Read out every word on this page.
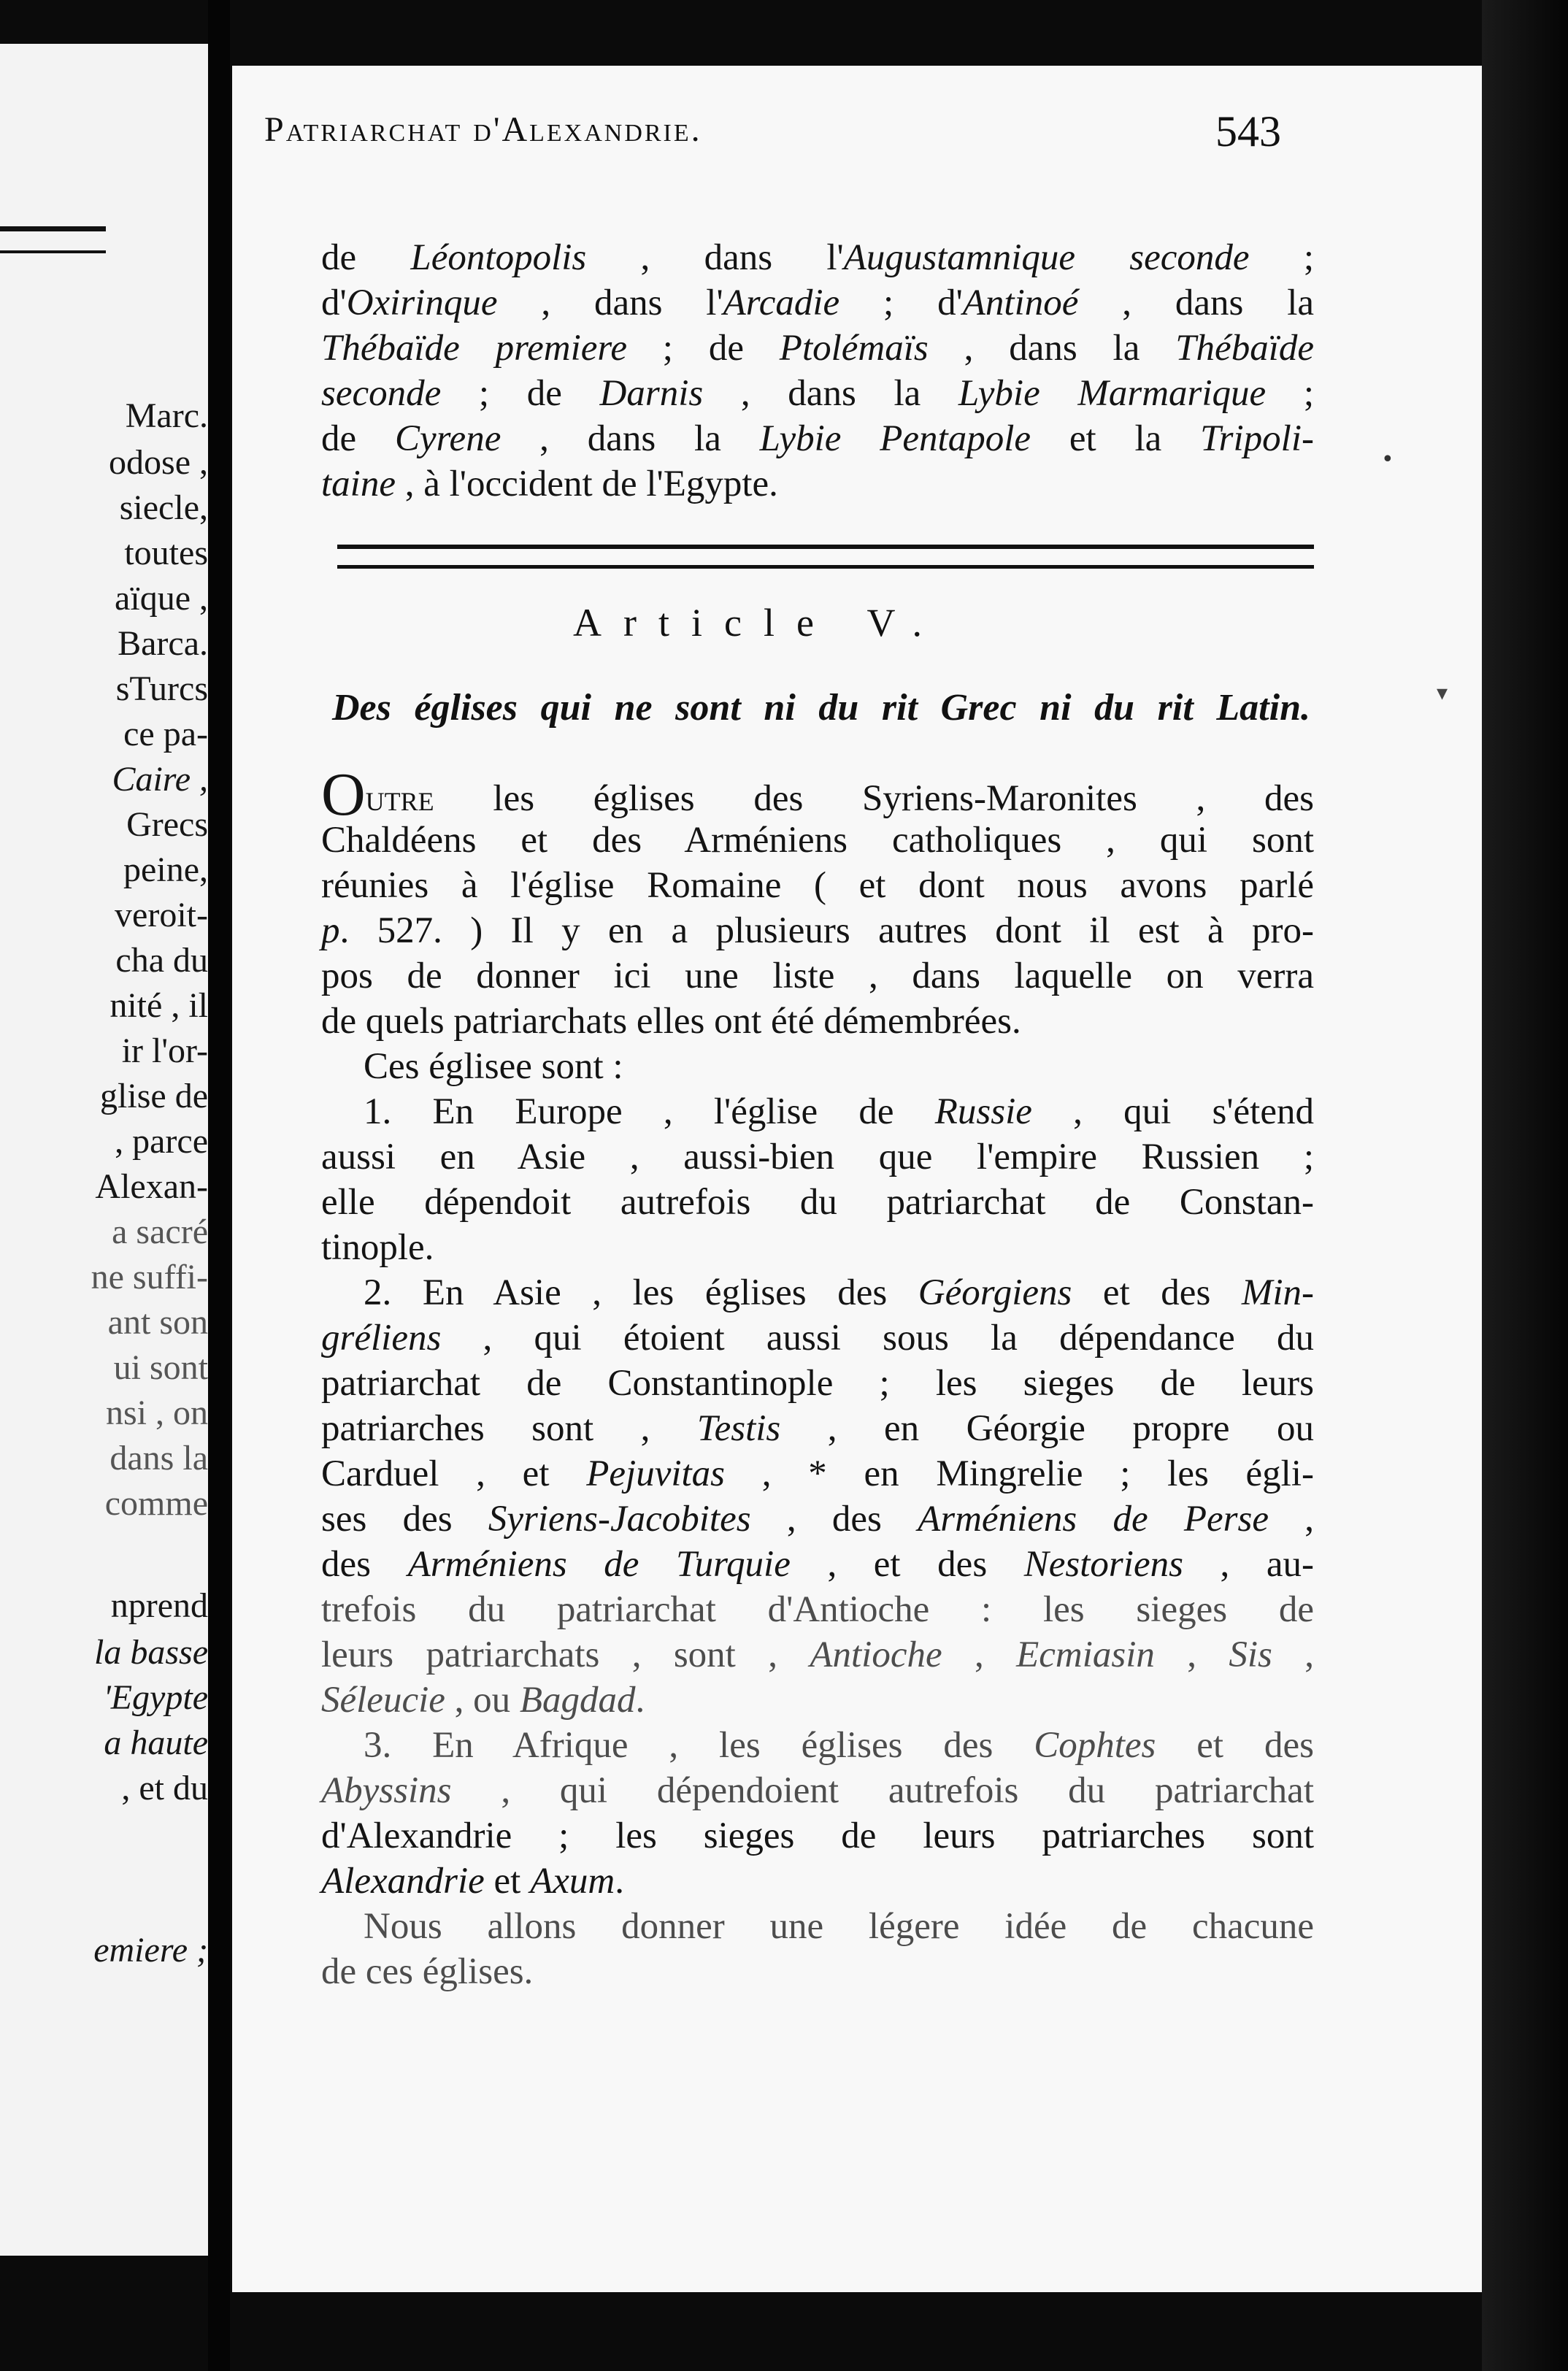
Marc.
odose ,
siecle,
toutes
aïque ,
Barca.
sTurcs
ce pa-
Caire ,
Grecs
peine,
veroit-
cha du
nité , il
ir l'or-
glise de
, parce
Alexan-
a sacré
ne suffi-
ant son
ui sont
nsi , on
dans la
comme
nprend
la basse
'Egypte
a haute
, et du
emiere ;
Patriarchat d'Alexandrie.	543
de Léontopolis , dans l'Augustamnique seconde ;
d'Oxirinque , dans l'Arcadie ; d'Antinoé , dans la
Thébaïde premiere ; de Ptolémaïs , dans la Thébaïde
seconde ; de Darnis , dans la Lybie Marmarique ;
de Cyrene , dans la Lybie Pentapole et la Tripoli-
taine , à l'occident de l'Egypte.
Article V.
Des églises qui ne sont ni du rit Grec ni du rit Latin.
Outre les églises des Syriens-Maronites , des
Chaldéens et des Arméniens catholiques , qui sont
réunies à l'église Romaine ( et dont nous avons parlé
p. 527. ) Il y en a plusieurs autres dont il est à pro-
pos de donner ici une liste , dans laquelle on verra
de quels patriarchats elles ont été démembrées.
Ces églisee sont :
1. En Europe , l'église de Russie , qui s'étend
aussi en Asie , aussi-bien que l'empire Russien ;
elle dépendoit autrefois du patriarchat de Constan-
tinople.
2. En Asie , les églises des Géorgiens et des Min-
gréliens , qui étoient aussi sous la dépendance du
patriarchat de Constantinople ; les sieges de leurs
patriarches sont , Testis , en Géorgie propre ou
Carduel , et Pejuvitas , * en Mingrelie ; les égli-
ses des Syriens-Jacobites , des Arméniens de Perse ,
des Arméniens de Turquie , et des Nestoriens , au-
trefois du patriarchat d'Antioche : les sieges de
leurs patriarchats , sont , Antioche , Ecmiasin , Sis ,
Séleucie , ou Bagdad.
3. En Afrique , les églises des Cophtes et des
Abyssins , qui dépendoient autrefois du patriarchat
d'Alexandrie ; les sieges de leurs patriarches sont
Alexandrie et Axum.
Nous allons donner une légere idée de chacune
de ces églises.
•
▾
